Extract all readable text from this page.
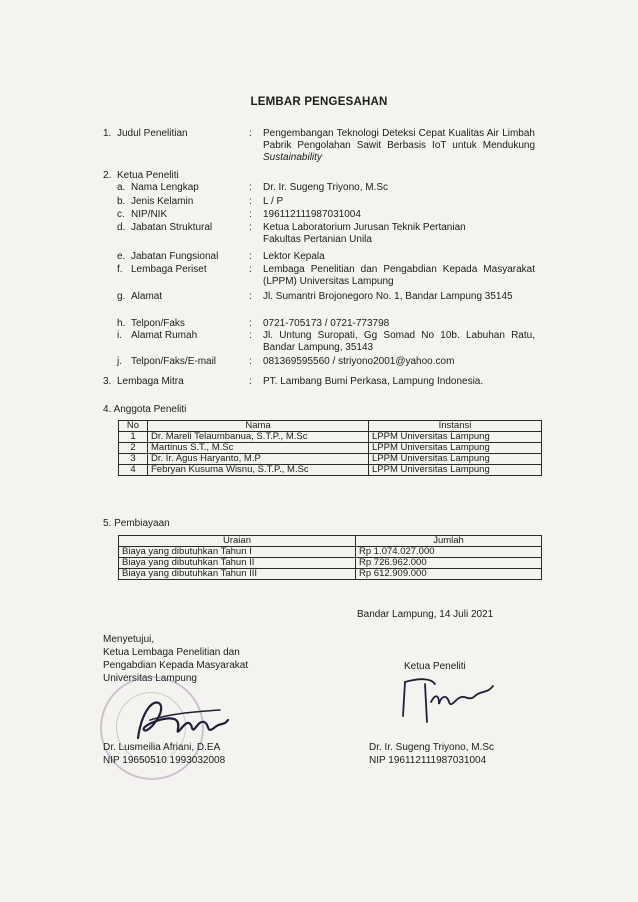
LEMBAR PENGESAHAN
1. Judul Penelitian	: Pengembangan Teknologi Deteksi Cepat Kualitas Air Limbah Pabrik Pengolahan Sawit Berbasis IoT untuk Mendukung Sustainability
2. Ketua Peneliti
a. Nama Lengkap	: Dr. Ir. Sugeng Triyono, M.Sc
b. Jenis Kelamin	: L / P
c. NIP/NIK	: 196112111987031004
d. Jabatan Struktural	: Ketua Laboratorium Jurusan Teknik Pertanian Fakultas Pertanian Unila
e. Jabatan Fungsional	: Lektor Kepala
f. Lembaga Periset	: Lembaga Penelitian dan Pengabdian Kepada Masyarakat (LPPM) Universitas Lampung
g. Alamat	: Jl. Sumantri Brojonegoro No. 1, Bandar Lampung 35145
h. Telpon/Faks	: 0721-705173 / 0721-773798
i. Alamat Rumah	: Jl. Untung Suropati, Gg Somad No 10b. Labuhan Ratu, Bandar Lampung, 35143
j. Telpon/Faks/E-mail	: 081369595560 / striyono2001@yahoo.com
3. Lembaga Mitra	: PT. Lambang Bumi Perkasa, Lampung Indonesia.
4. Anggota Peneliti
No	Nama	Instansi
1	Dr. Mareli Telaumbanua, S.T.P., M.Sc	LPPM Universitas Lampung
2	Martinus S.T., M.Sc	LPPM Universitas Lampung
3	Dr. Ir. Agus Haryanto, M.P	LPPM Universitas Lampung
4	Febryan Kusuma Wisnu, S.T.P., M.Sc	LPPM Universitas Lampung
5. Pembiayaan
Uraian	Jumlah
Biaya yang dibutuhkan Tahun I	Rp 1.074.027.000
Biaya yang dibutuhkan Tahun II	Rp 726.962.000
Biaya yang dibutuhkan Tahun III	Rp 612.909.000
Bandar Lampung, 14 Juli 2021
Menyetujui,
Ketua Lembaga Penelitian dan
Pengabdian Kepada Masyarakat
Universitas Lampung
Dr. Lusmeilia Afriani, D.EA
NIP 19650510 1993032008
Ketua Peneliti
Dr. Ir. Sugeng Triyono, M.Sc
NIP 196112111987031004
